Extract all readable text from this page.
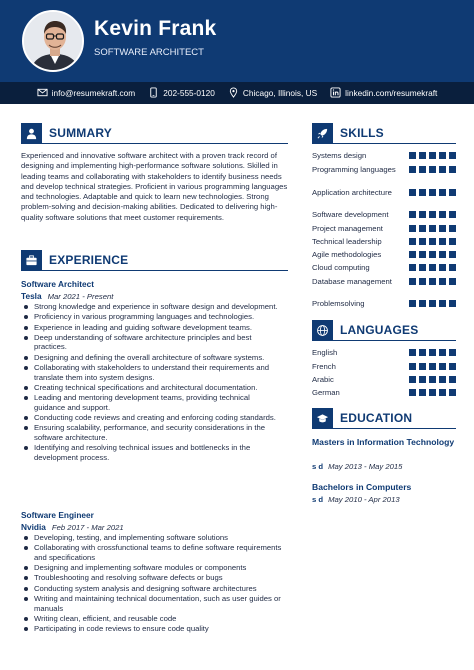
Kevin Frank
SOFTWARE ARCHITECT
info@resumekraft.com	202-555-0120	Chicago, Illinois, US	linkedin.com/resumekraft
SUMMARY
Experienced and innovative software architect with a proven track record of designing and implementing high-performance software solutions. Skilled in leading teams and collaborating with stakeholders to identify business needs and develop technical strategies. Proficient in various programming languages and technologies. Adaptable and quick to learn new technologies. Strong problem-solving and decision-making abilities. Dedicated to delivering high-quality software solutions that meet customer requirements.
EXPERIENCE
Software Architect
Tesla Mar 2021 - Present
Strong knowledge and experience in software design and development.
Proficiency in various programming languages and technologies.
Experience in leading and guiding software development teams.
Deep understanding of software architecture principles and best practices.
Designing and defining the overall architecture of software systems.
Collaborating with stakeholders to understand their requirements and translate them into system designs.
Creating technical specifications and architectural documentation.
Leading and mentoring development teams, providing technical guidance and support.
Conducting code reviews and creating and enforcing coding standards.
Ensuring scalability, performance, and security considerations in the software architecture.
Identifying and resolving technical issues and bottlenecks in the development process.
Software Engineer
Nvidia Feb 2017 - Mar 2021
Developing, testing, and implementing software solutions
Collaborating with crossfunctional teams to define software requirements and specifications
Designing and implementing software modules or components
Troubleshooting and resolving software defects or bugs
Conducting system analysis and designing software architectures
Writing and maintaining technical documentation, such as user guides or manuals
Writing clean, efficient, and reusable code
Participating in code reviews to ensure code quality
SKILLS
Systems design
Programming languages
Application architecture
Software development
Project management
Technical leadership
Agile methodologies
Cloud computing
Database management
Problemsolving
LANGUAGES
English
French
Arabic
German
EDUCATION
Masters in Information Technology
s d May 2013 - May 2015
Bachelors in Computers
s d May 2010 - Apr 2013
